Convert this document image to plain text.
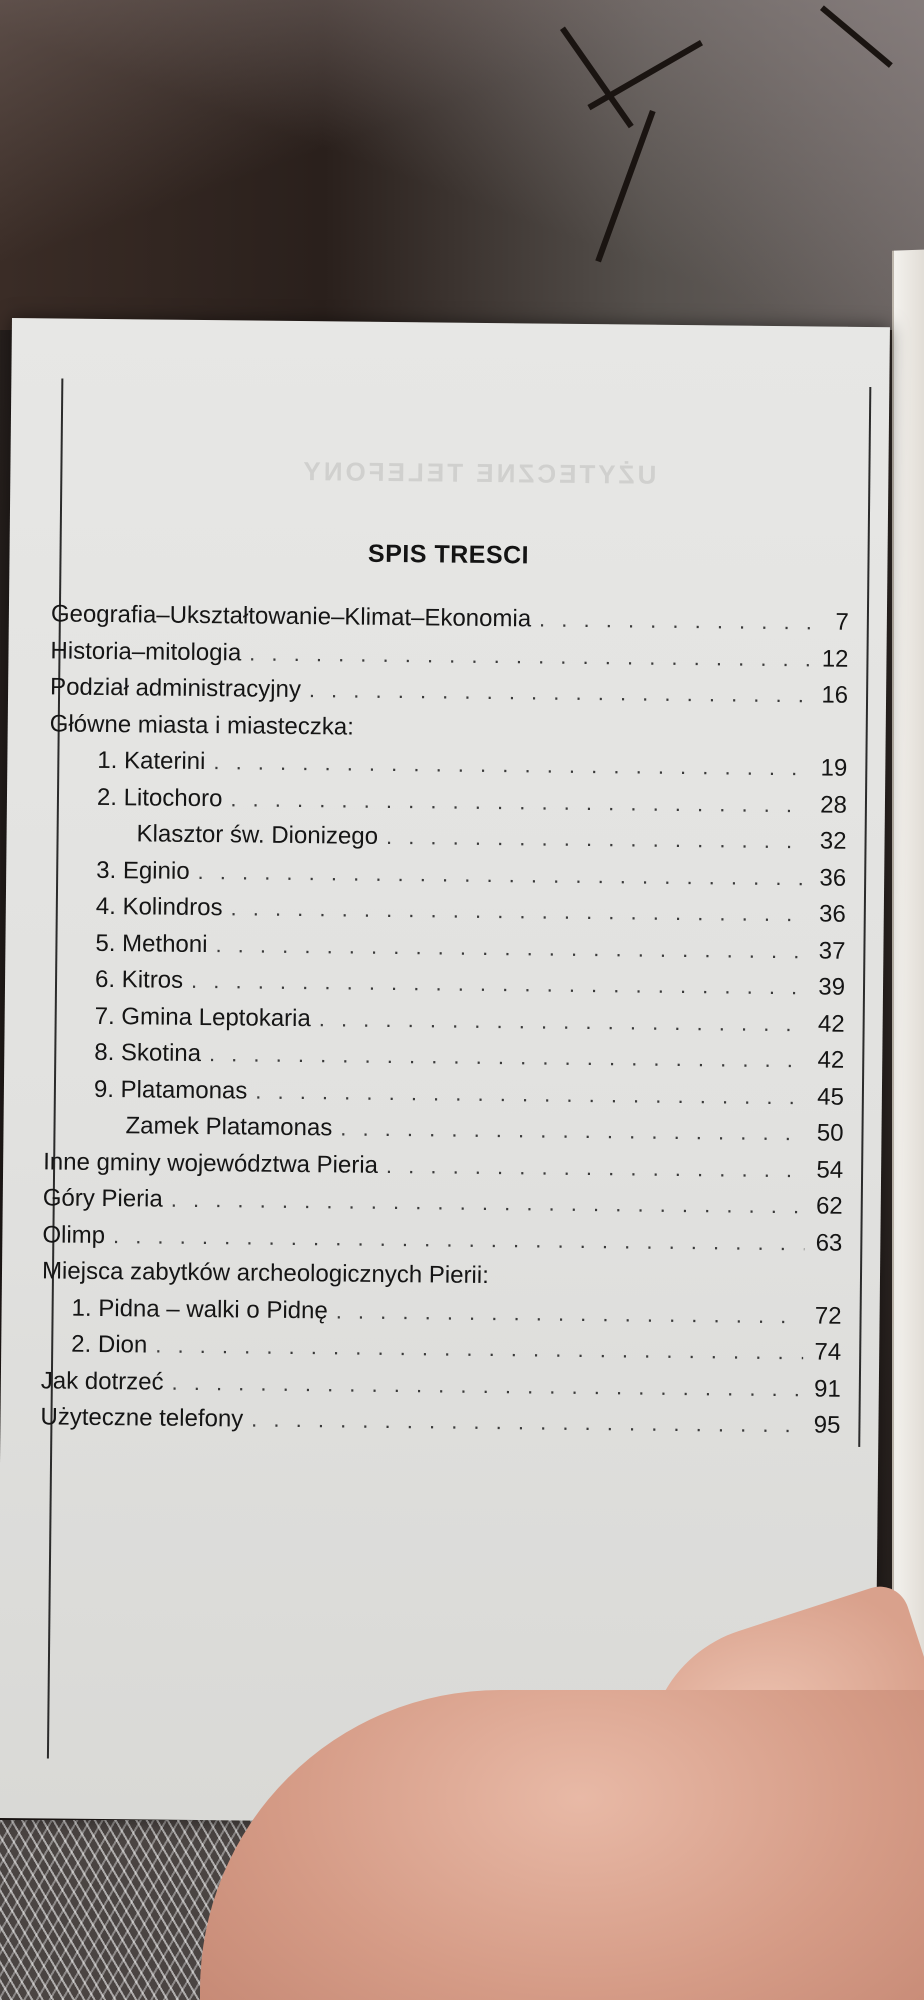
UŻYTECZNE TELEFONY
SPIS TRESCI
Geografia–Ukształtowanie–Klimat–Ekonomia . . .	7
Historia–mitologia . . .	12
Podział administracyjny . . .	16
Główne miasta i miasteczka:
1. Katerini . . .	19
2. Litochoro . . .	28
Klasztor św. Dionizego . . .	32
3. Eginio . . .	36
4. Kolindros . . .	36
5. Methoni . . .	37
6. Kitros . . .	39
7. Gmina Leptokaria . . .	42
8. Skotina . . .	42
9. Platamonas . . .	45
Zamek Platamonas . . .	50
Inne gminy województwa Pieria . . .	54
Góry Pieria . . .	62
Olimp . . .	63
Miejsca zabytków archeologicznych Pierii:
1. Pidna – walki o Pidnę . . .	72
2. Dion . . .	74
Jak dotrzeć . . .	91
Użyteczne telefony . . .	95
